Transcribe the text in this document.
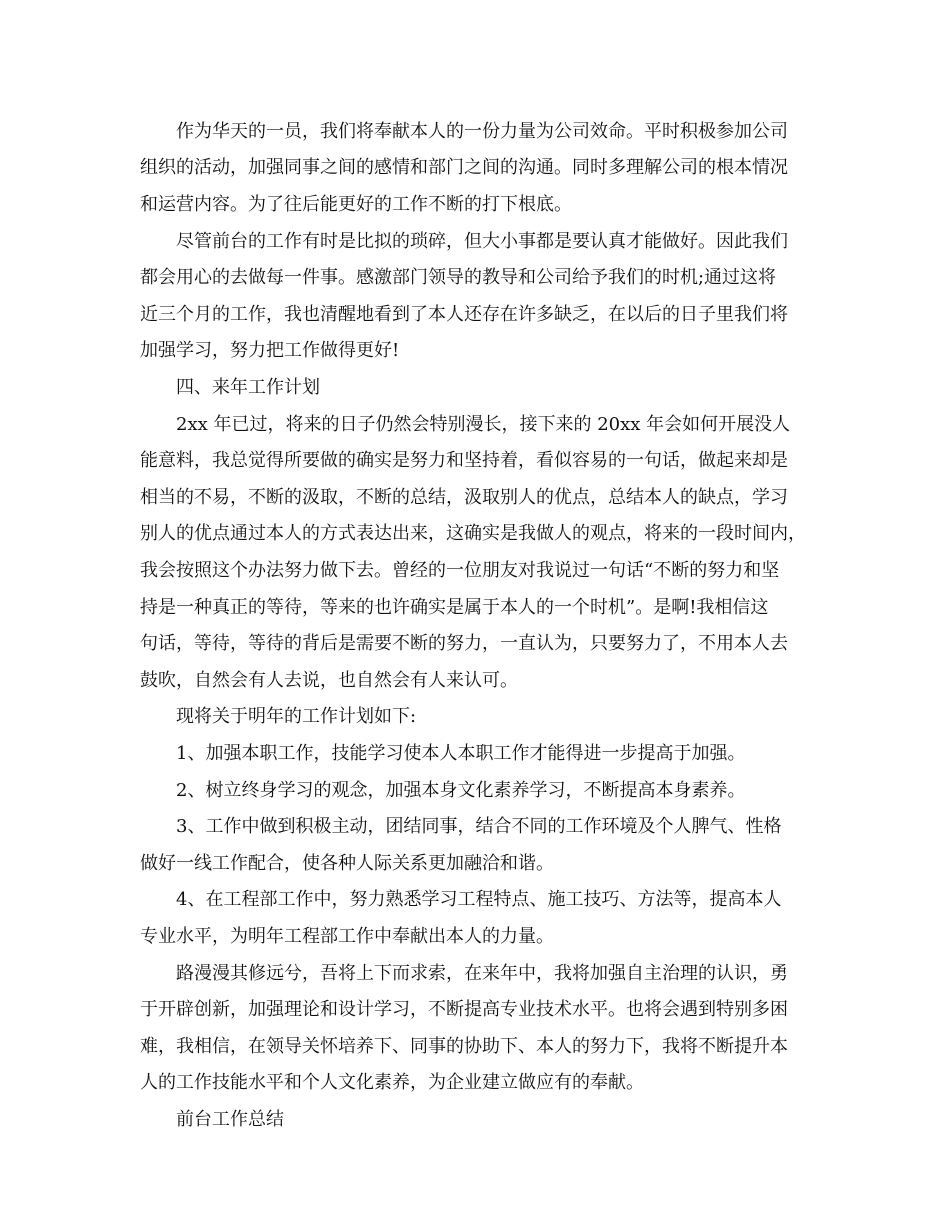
作为华天的一员，我们将奉献本人的一份力量为公司效命。平时积极参加公司
组织的活动，加强同事之间的感情和部门之间的沟通。同时多理解公司的根本情况
和运营内容。为了往后能更好的工作不断的打下根底。
尽管前台的工作有时是比拟的琐碎，但大小事都是要认真才能做好。因此我们
都会用心的去做每一件事。感激部门领导的教导和公司给予我们的时机;通过这将
近三个月的工作，我也清醒地看到了本人还存在许多缺乏，在以后的日子里我们将
加强学习，努力把工作做得更好!
四、来年工作计划
2xx 年已过，将来的日子仍然会特别漫长，接下来的 20xx 年会如何开展没人
能意料，我总觉得所要做的确实是努力和坚持着，看似容易的一句话，做起来却是
相当的不易，不断的汲取，不断的总结，汲取别人的优点，总结本人的缺点，学习
别人的优点通过本人的方式表达出来，这确实是我做人的观点，将来的一段时间内，
我会按照这个办法努力做下去。曾经的一位朋友对我说过一句话“不断的努力和坚
持是一种真正的等待，等来的也许确实是属于本人的一个时机”。是啊!我相信这
句话，等待，等待的背后是需要不断的努力，一直认为，只要努力了，不用本人去
鼓吹，自然会有人去说，也自然会有人来认可。
现将关于明年的工作计划如下:
1、加强本职工作，技能学习使本人本职工作才能得进一步提高于加强。
2、树立终身学习的观念，加强本身文化素养学习，不断提高本身素养。
3、工作中做到积极主动，团结同事，结合不同的工作环境及个人脾气、性格
做好一线工作配合，使各种人际关系更加融洽和谐。
4、在工程部工作中，努力熟悉学习工程特点、施工技巧、方法等，提高本人
专业水平，为明年工程部工作中奉献出本人的力量。
路漫漫其修远兮，吾将上下而求索，在来年中，我将加强自主治理的认识，勇
于开辟创新，加强理论和设计学习，不断提高专业技术水平。也将会遇到特别多困
难，我相信，在领导关怀培养下、同事的协助下、本人的努力下，我将不断提升本
人的工作技能水平和个人文化素养，为企业建立做应有的奉献。
前台工作总结
